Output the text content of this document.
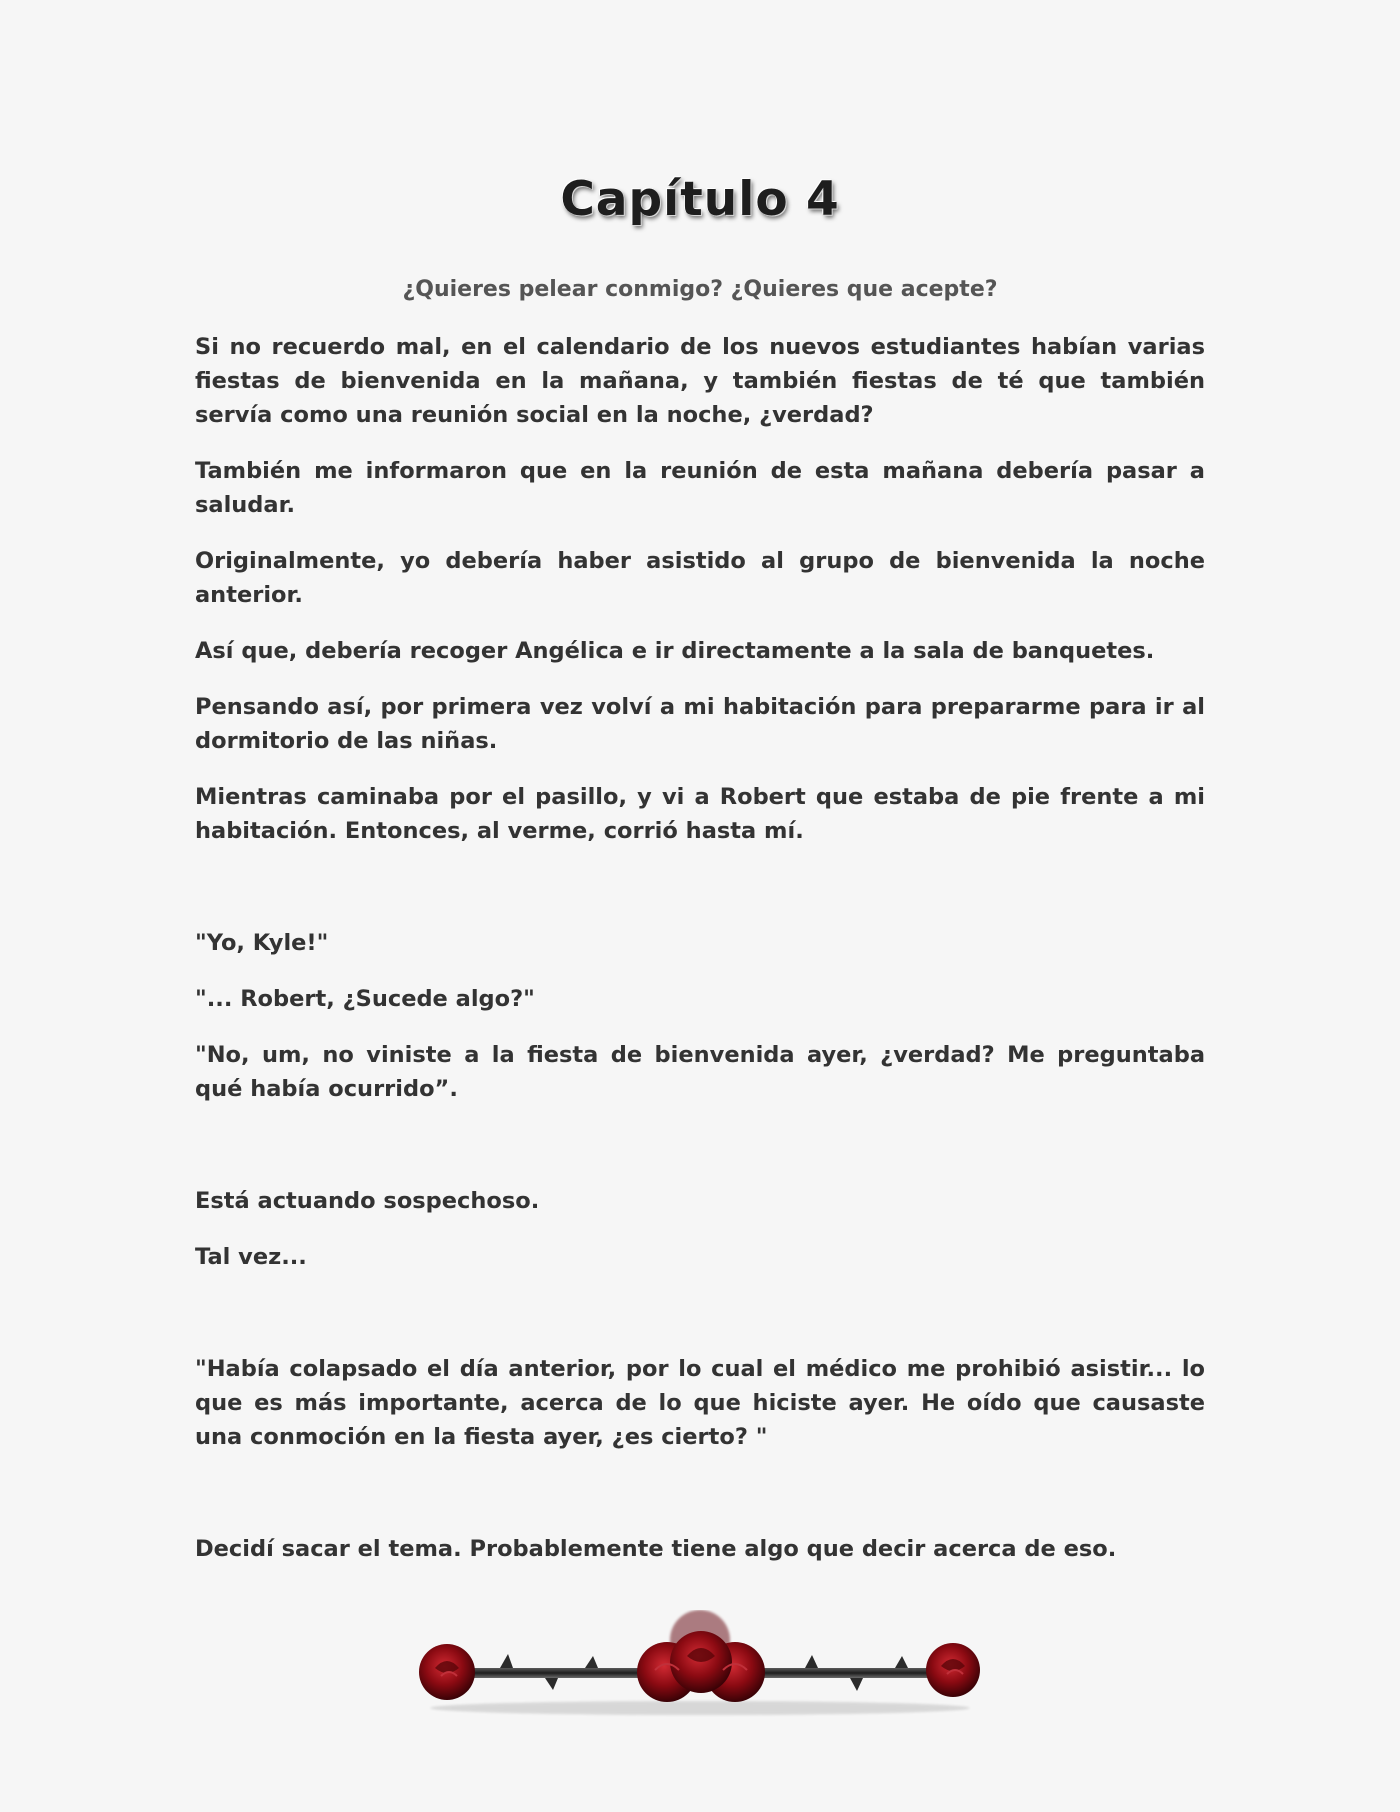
Capítulo 4
¿Quieres pelear conmigo? ¿Quieres que acepte?

Si no recuerdo mal, en el calendario de los nuevos estudiantes habían varias fiestas de bienvenida en la mañana, y también fiestas de té que también servía como una reunión social en la noche, ¿verdad?

También me informaron que en la reunión de esta mañana debería pasar a saludar.

Originalmente, yo debería haber asistido al grupo de bienvenida la noche anterior.

Así que, debería recoger Angélica e ir directamente a la sala de banquetes.

Pensando así, por primera vez volví a mi habitación para prepararme para ir al dormitorio de las niñas.

Mientras caminaba por el pasillo, y vi a Robert que estaba de pie frente a mi habitación. Entonces, al verme, corrió hasta mí.

"Yo, Kyle!"

"... Robert, ¿Sucede algo?"

"No, um, no viniste a la fiesta de bienvenida ayer, ¿verdad? Me preguntaba qué había ocurrido”.

Está actuando sospechoso.

Tal vez...

"Había colapsado el día anterior, por lo cual el médico me prohibió asistir... lo que es más importante, acerca de lo que hiciste ayer. He oído que causaste una conmoción en la fiesta ayer, ¿es cierto? "

Decidí sacar el tema. Probablemente tiene algo que decir acerca de eso.
